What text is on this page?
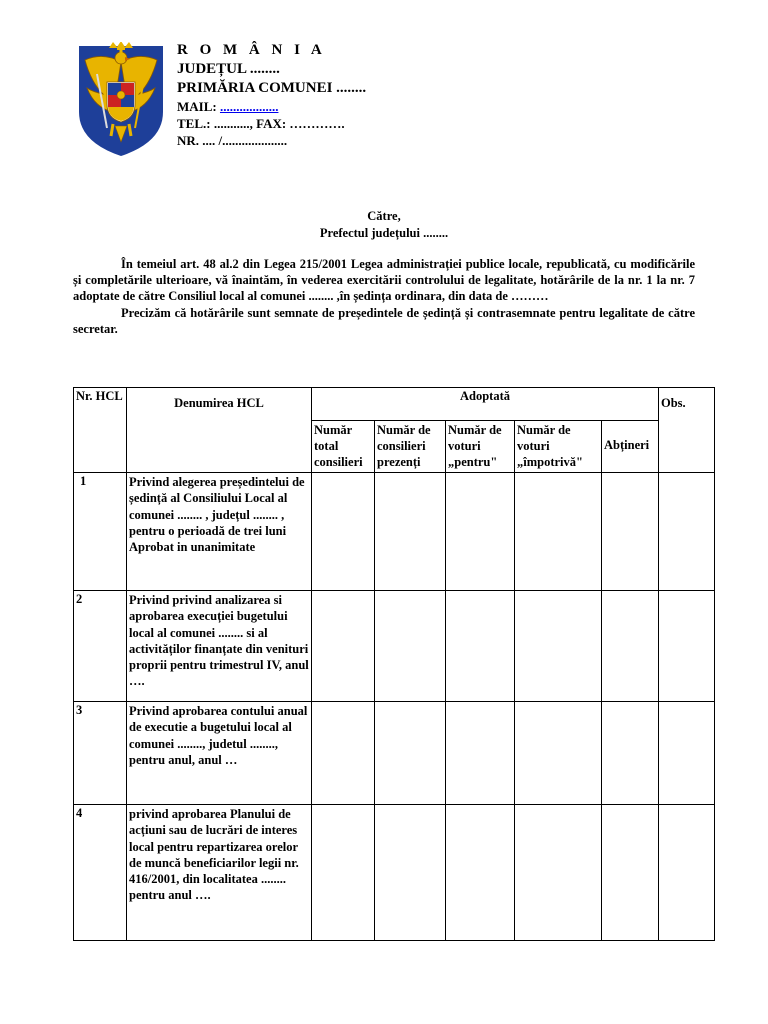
R O M Â N I A
JUDEȚUL ........
PRIMĂRIA COMUNEI ........
MAIL: ..................
TEL.: ..........., FAX: ………….
NR. .... /....................
Către,
Prefectul județului ........

În temeiul art. 48 al.2 din Legea 215/2001 Legea administrației publice locale, republicată, cu modificările și completările ulterioare, vă înaintăm, în vederea exercitării controlului de legalitate, hotărârile de la nr. 1 la nr. 7 adoptate de către Consiliul local al comunei ........ ,în ședința ordinara, din data de ………

Precizăm că hotărârile sunt semnate de președintele de ședință și contrasemnate pentru legalitate de către secretar.

Nr. HCL	Denumirea HCL	Adoptată					Obs.
		Număr total consilieri	Număr de consilieri prezenți	Număr de voturi „pentru"	Număr de voturi „împotrivă"	Abțineri	
1	Privind alegerea președintelui de ședință al Consiliului Local al comunei ........ , județul ........ , pentru o perioadă de trei luni Aprobat in unanimitate						
2	Privind privind analizarea si aprobarea execuției bugetului local al comunei ........ si al activităților finanțate din venituri proprii pentru trimestrul IV, anul ….						
3	Privind aprobarea contului anual de executie a bugetului local al comunei ........, judetul ........, pentru anul, anul …						
4	privind aprobarea Planului de acțiuni sau de lucrări de interes local pentru repartizarea orelor de muncă beneficiarilor legii nr. 416/2001, din localitatea ........ pentru anul ….						
